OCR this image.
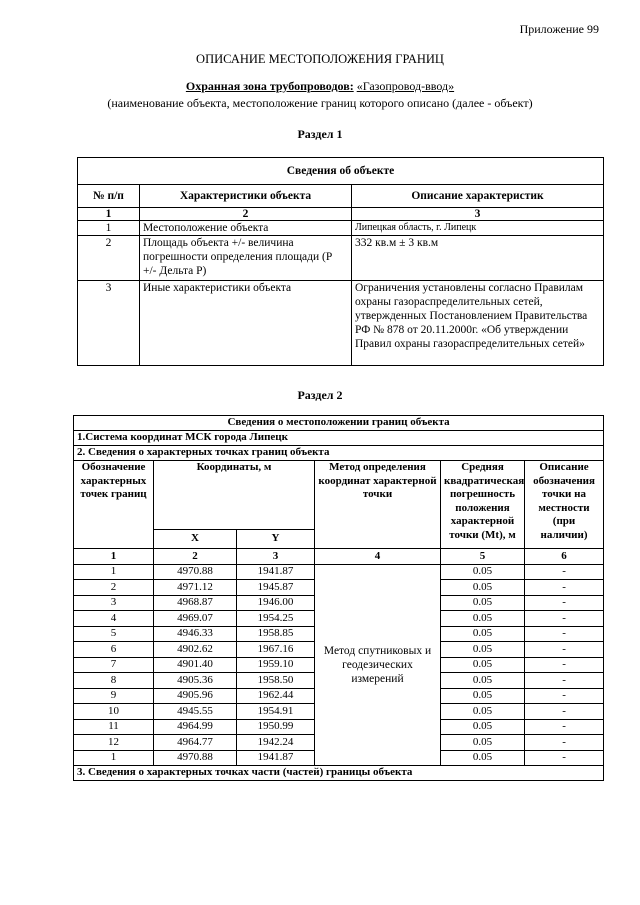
Приложение 99
ОПИСАНИЕ МЕСТОПОЛОЖЕНИЯ ГРАНИЦ
Охранная зона трубопроводов: «Газопровод-ввод»
(наименование объекта, местоположение границ которого описано (далее - объект)
Раздел 1
Сведения об объекте		
№ п/п	Характеристики объекта	Описание характеристик
1	2	3
1	Местоположение объекта	Липецкая область, г. Липецк
2	Площадь объекта +/- величина погрешности определения площади (P +/- Дельта P)	332 кв.м ± 3 кв.м
3	Иные характеристики объекта	Ограничения установлены согласно Правилам охраны газораспределительных сетей, утвержденных Постановлением Правительства РФ № 878 от 20.11.2000г. «Об утверждении Правил охраны газораспределительных сетей»
Раздел 2
Сведения о местоположении границ объекта					
1.Система координат МСК города Липецк					
2. Сведения о характерных точках границ объекта					
Обозначение характерных точек границ	Координаты, м		Метод определения координат характерной точки	Средняя квадратическая погрешность положения характерной точки (Mt), м	Описание обозначения точки на местности (при наличии)
	X	Y			
1	2	3	4	5	6
1	4970.88	1941.87	Метод спутниковых и геодезических измерений	0.05	-
2	4971.12	1945.87		0.05	-
3	4968.87	1946.00		0.05	-
4	4969.07	1954.25		0.05	-
5	4946.33	1958.85		0.05	-
6	4902.62	1967.16		0.05	-
7	4901.40	1959.10		0.05	-
8	4905.36	1958.50		0.05	-
9	4905.96	1962.44		0.05	-
10	4945.55	1954.91		0.05	-
11	4964.99	1950.99		0.05	-
12	4964.77	1942.24		0.05	-
1	4970.88	1941.87		0.05	-
3. Сведения о характерных точках части (частей) границы объекта					
